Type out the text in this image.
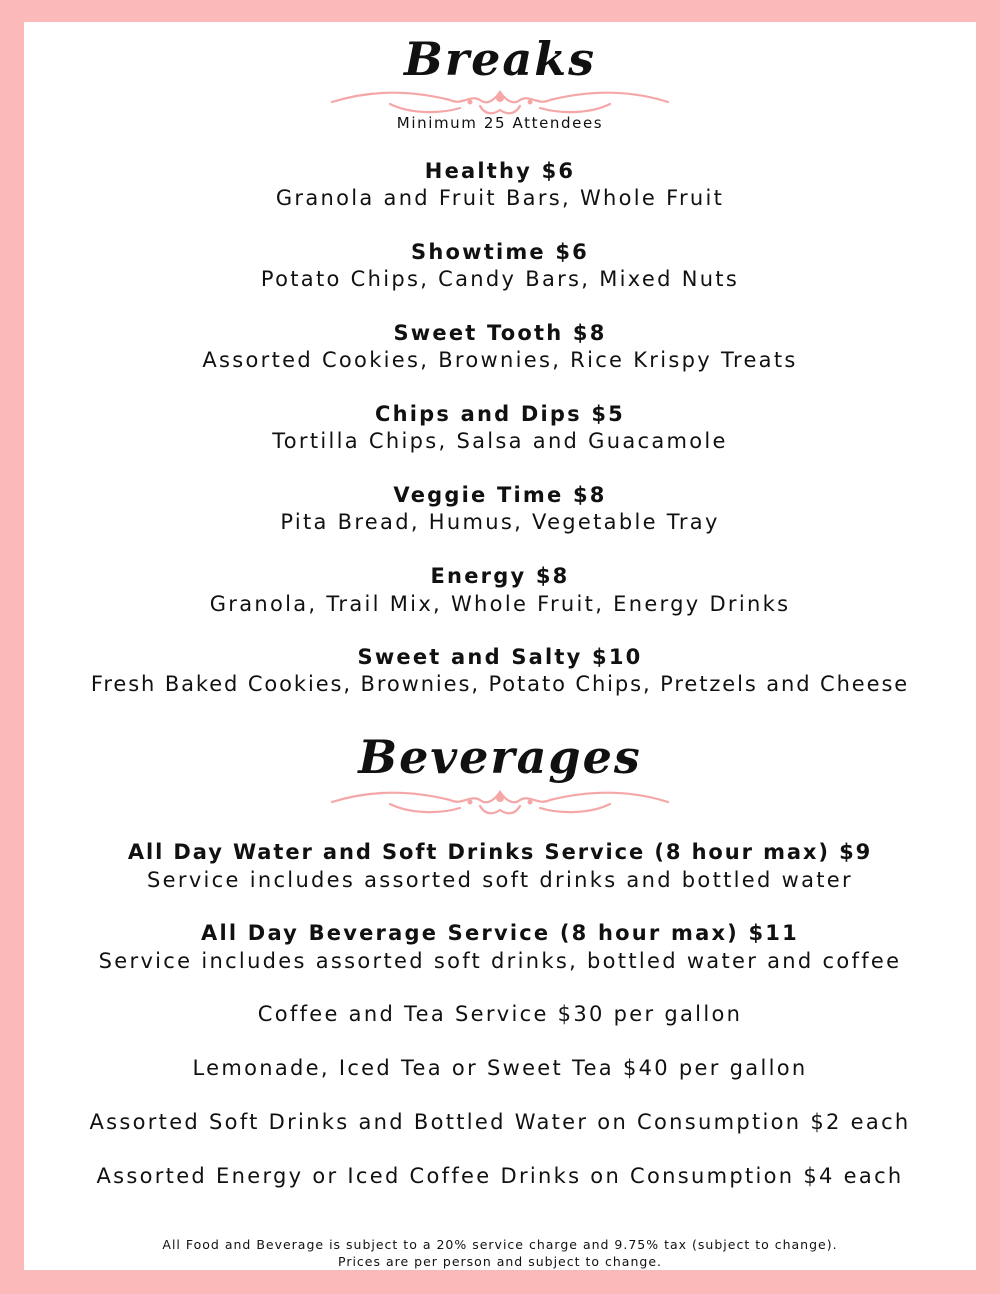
Breaks
Minimum 25 Attendees
Healthy $6
Granola and Fruit Bars, Whole Fruit
Showtime $6
Potato Chips, Candy Bars, Mixed Nuts
Sweet Tooth $8
Assorted Cookies, Brownies, Rice Krispy Treats
Chips and Dips $5
Tortilla Chips, Salsa and Guacamole
Veggie Time $8
Pita Bread, Humus, Vegetable Tray
Energy $8
Granola, Trail Mix, Whole Fruit, Energy Drinks
Sweet and Salty $10
Fresh Baked Cookies, Brownies, Potato Chips, Pretzels and Cheese
Beverages
All Day Water and Soft Drinks Service (8 hour max) $9
Service includes assorted soft drinks and bottled water
All Day Beverage Service (8 hour max) $11
Service includes assorted soft drinks, bottled water and coffee
Coffee and Tea Service $30 per gallon
Lemonade, Iced Tea or Sweet Tea $40 per gallon
Assorted Soft Drinks and Bottled Water on Consumption $2 each
Assorted Energy or Iced Coffee Drinks on Consumption $4 each
All Food and Beverage is subject to a 20% service charge and 9.75% tax (subject to change).
Prices are per person and subject to change.
